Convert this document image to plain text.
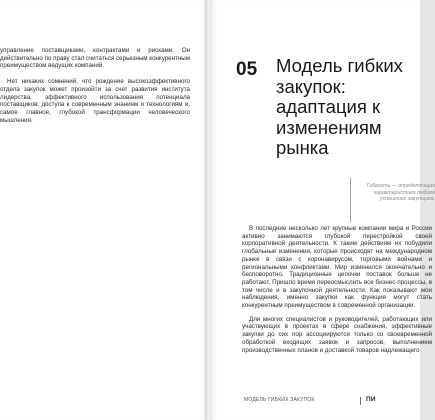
управление поставщиками, контрактами и рисками. Он действительно по праву стал считаться серьезным конкурентным преимуществом ведущих компаний.

Нет никаких сомнений, что рождение высокоэффективного отдела закупок может произойти за счет развития института лидерства, эффективного использования потенциала поставщиков, доступа к современным знаниям и технологиям и, самое главное, глубокой трансформации человеческого мышления.

05 Модель гибких закупок: адаптация к изменениям рынка

Гибкость — определяющая характеристика любого успешного закупщика.

В последние несколько лет крупные компании мира и России активно занимаются глубокой перестройкой своей корпоративной деятельности. К таким действиям их побудили глобальные изменения, которые происходят на международном рынке в связи с коронавирусом, торговыми войнами и региональными конфликтами. Мир изменился окончательно и бесповоротно. Традиционные цепочки поставок больше не работают. Пришло время переосмыслить все бизнес-процессы, в том числе и в закупочной деятельности. Как показывают мои наблюдения, именно закупки как функция могут стать конкурентным преимуществом в современной организации.

Для многих специалистов и руководителей, работающих или участвующих в проектах в сфере снабжения, эффективные закупки до сих пор ассоциируются только со своевременной обработкой входящих заявок и запросов, выполнением производственных планов и доставкой товаров надлежащего

МОДЕЛЬ ГИБКИХ ЗАКУПОК	ПИ
